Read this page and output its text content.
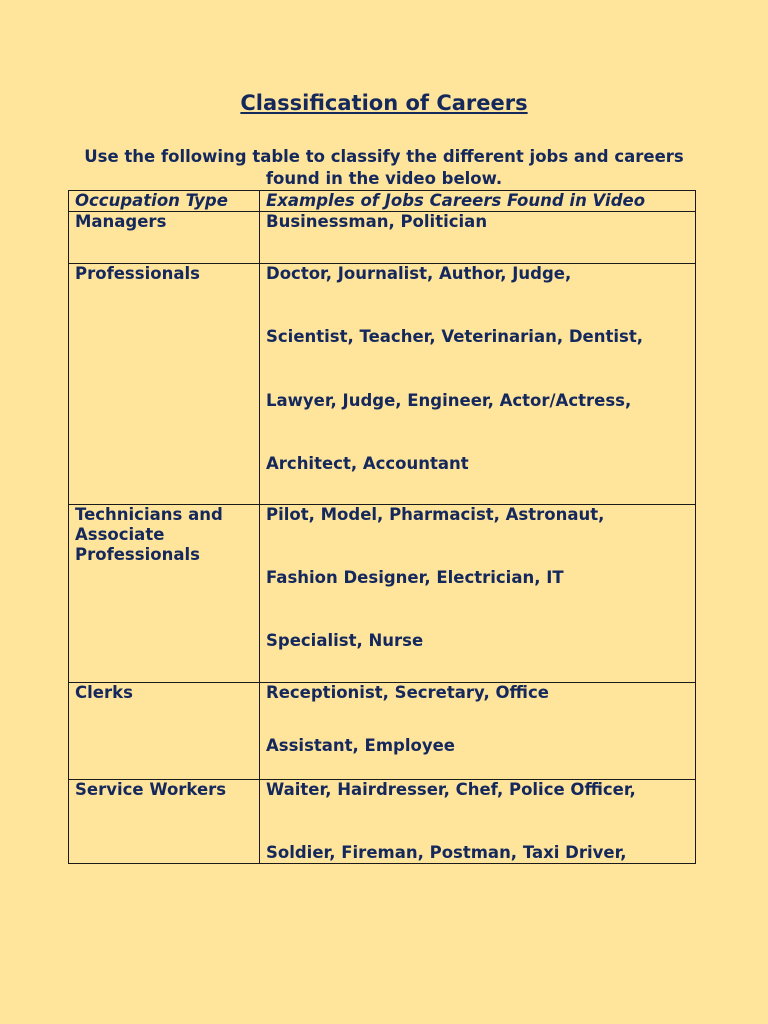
Classification of Careers
Use the following table to classify the different jobs and careers found in the video below.
Occupation Type	Examples of Jobs Careers Found in Video
Managers	Businessman, Politician

Professionals	Doctor, Journalist, Author, Judge,
Scientist, Teacher, Veterinarian, Dentist,
Lawyer, Judge, Engineer, Actor/Actress,
Architect, Accountant

Technicians and Associate Professionals	Pilot, Model, Pharmacist, Astronaut,
Fashion Designer, Electrician, IT
Specialist, Nurse

Clerks	Receptionist, Secretary, Office
Assistant, Employee

Service Workers	Waiter, Hairdresser, Chef, Police Officer,
Soldier, Fireman, Postman, Taxi Driver,
